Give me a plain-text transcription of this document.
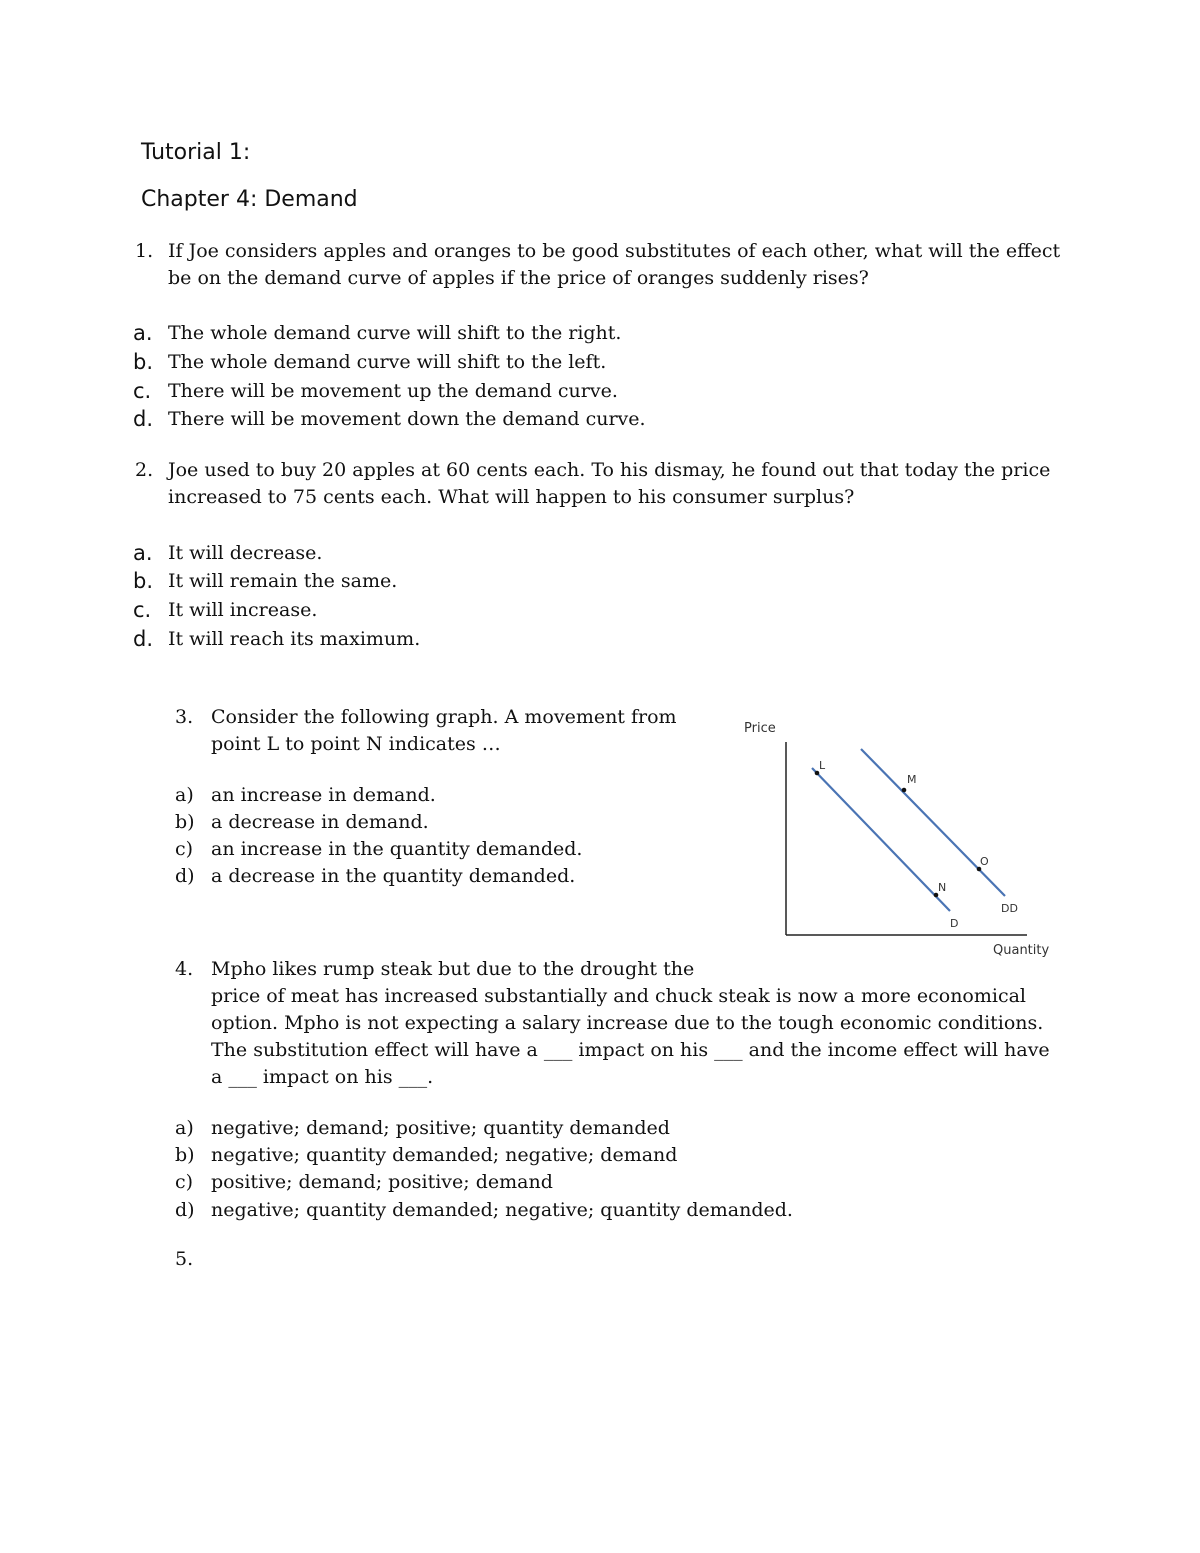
Tutorial 1:
Chapter 4: Demand
1. If Joe considers apples and oranges to be good substitutes of each other, what will the effect
be on the demand curve of apples if the price of oranges suddenly rises?
a. The whole demand curve will shift to the right.
b. The whole demand curve will shift to the left.
c. There will be movement up the demand curve.
d. There will be movement down the demand curve.
2. Joe used to buy 20 apples at 60 cents each. To his dismay, he found out that today the price
increased to 75 cents each. What will happen to his consumer surplus?
a. It will decrease.
b. It will remain the same.
c. It will increase.
d. It will reach its maximum.
3. Consider the following graph. A movement from
point L to point N indicates …
a) an increase in demand.
b) a decrease in demand.
c) an increase in the quantity demanded.
d) a decrease in the quantity demanded.
Price
Quantity
L
M
N
O
D
DD
4. Mpho likes rump steak but due to the drought the
price of meat has increased substantially and chuck steak is now a more economical
option. Mpho is not expecting a salary increase due to the tough economic conditions.
The substitution effect will have a ___ impact on his ___ and the income effect will have
a ___ impact on his ___.
a) negative; demand; positive; quantity demanded
b) negative; quantity demanded; negative; demand
c) positive; demand; positive; demand
d) negative; quantity demanded; negative; quantity demanded.
5.
